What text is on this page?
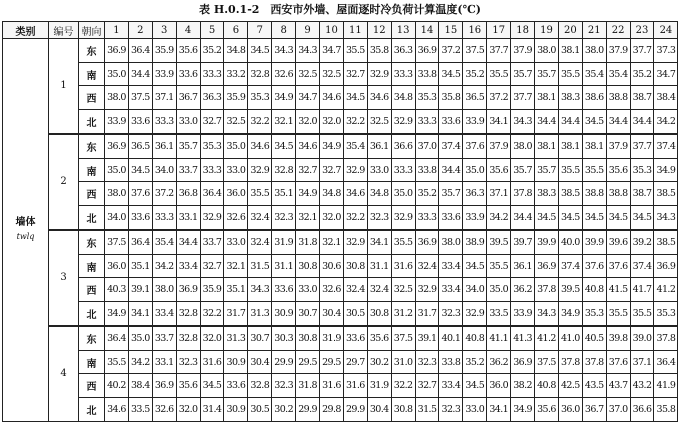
表 H.0.1-2　西安市外墙、屋面逐时冷负荷计算温度(℃)
类别	编号	朝向	1	2	3	4	5	6	7	8	9	10	11	12	13	14	15	16	17	18	19	20	21	22	23	24

墙体
twlq	1	东	36.9	36.4	35.9	35.6	35.2	34.8	34.5	34.3	34.3	34.7	35.5	35.8	36.3	36.9	37.2	37.5	37.7	37.9	38.0	38.1	38.0	37.9	37.7	37.3
		南	35.0	34.4	33.9	33.6	33.3	33.2	32.8	32.6	32.5	32.5	32.7	32.9	33.3	33.8	34.5	35.2	35.5	35.7	35.7	35.5	35.4	35.4	35.2	34.7
		西	38.0	37.5	37.1	36.7	36.3	35.9	35.3	34.9	34.7	34.6	34.5	34.6	34.8	35.3	35.8	36.5	37.2	37.7	38.1	38.3	38.6	38.8	38.7	38.4
		北	33.9	33.6	33.3	33.0	32.7	32.5	32.2	32.1	32.0	32.0	32.2	32.5	32.9	33.3	33.6	33.9	34.1	34.3	34.4	34.4	34.5	34.4	34.4	34.2
	2	东	36.9	36.5	36.1	35.7	35.3	35.0	34.6	34.5	34.6	34.9	35.4	36.1	36.6	37.0	37.4	37.6	37.9	38.0	38.1	38.1	38.1	37.9	37.7	37.4
		南	35.0	34.5	34.0	33.7	33.3	33.0	32.9	32.8	32.7	32.7	32.9	33.0	33.3	33.8	34.4	35.0	35.6	35.7	35.7	35.5	35.5	35.6	35.3	34.9
		西	38.0	37.6	37.2	36.8	36.4	36.0	35.5	35.1	34.9	34.8	34.6	34.8	35.0	35.2	35.7	36.3	37.1	37.8	38.3	38.5	38.8	38.8	38.7	38.5
		北	34.0	33.6	33.3	33.1	32.9	32.6	32.4	32.3	32.1	32.0	32.2	32.3	32.9	33.3	33.6	33.9	34.2	34.4	34.5	34.5	34.5	34.5	34.5	34.3
	3	东	37.5	36.4	35.4	34.4	33.7	33.0	32.4	31.9	31.8	32.1	32.9	34.1	35.5	36.9	38.0	38.9	39.5	39.7	39.9	40.0	39.9	39.6	39.2	38.5
		南	36.0	35.1	34.2	33.4	32.7	32.1	31.5	31.1	30.8	30.6	30.8	31.1	31.6	32.4	33.4	34.5	35.5	36.1	36.9	37.4	37.6	37.6	37.4	36.9
		西	40.3	39.1	38.0	36.9	35.9	35.1	34.3	33.6	33.0	32.6	32.4	32.4	32.5	32.9	33.4	34.0	35.0	36.2	37.8	39.5	40.8	41.5	41.7	41.2
		北	34.9	34.1	33.4	32.8	32.2	31.7	31.3	30.9	30.7	30.4	30.5	30.8	31.2	31.7	32.3	32.9	33.5	33.9	34.3	34.9	35.3	35.5	35.5	35.3
	4	东	36.4	35.0	33.7	32.8	32.0	31.3	30.7	30.3	30.8	31.9	33.6	35.6	37.5	39.1	40.1	40.8	41.1	41.3	41.2	41.0	40.5	39.8	39.0	37.8
		南	35.5	34.2	33.1	32.3	31.6	30.9	30.4	29.9	29.5	29.5	29.7	30.2	31.0	32.3	33.8	35.2	36.2	36.9	37.5	37.8	37.8	37.6	37.1	36.4
		西	40.2	38.4	36.9	35.6	34.5	33.6	32.8	32.3	31.8	31.6	31.6	31.9	32.2	32.7	33.4	34.5	36.0	38.2	40.8	42.5	43.5	43.7	43.2	41.9
		北	34.6	33.5	32.6	32.0	31.4	30.9	30.5	30.2	29.9	29.8	29.9	30.4	30.8	31.5	32.3	33.0	34.1	34.9	35.6	36.0	36.7	37.0	36.6	35.8
